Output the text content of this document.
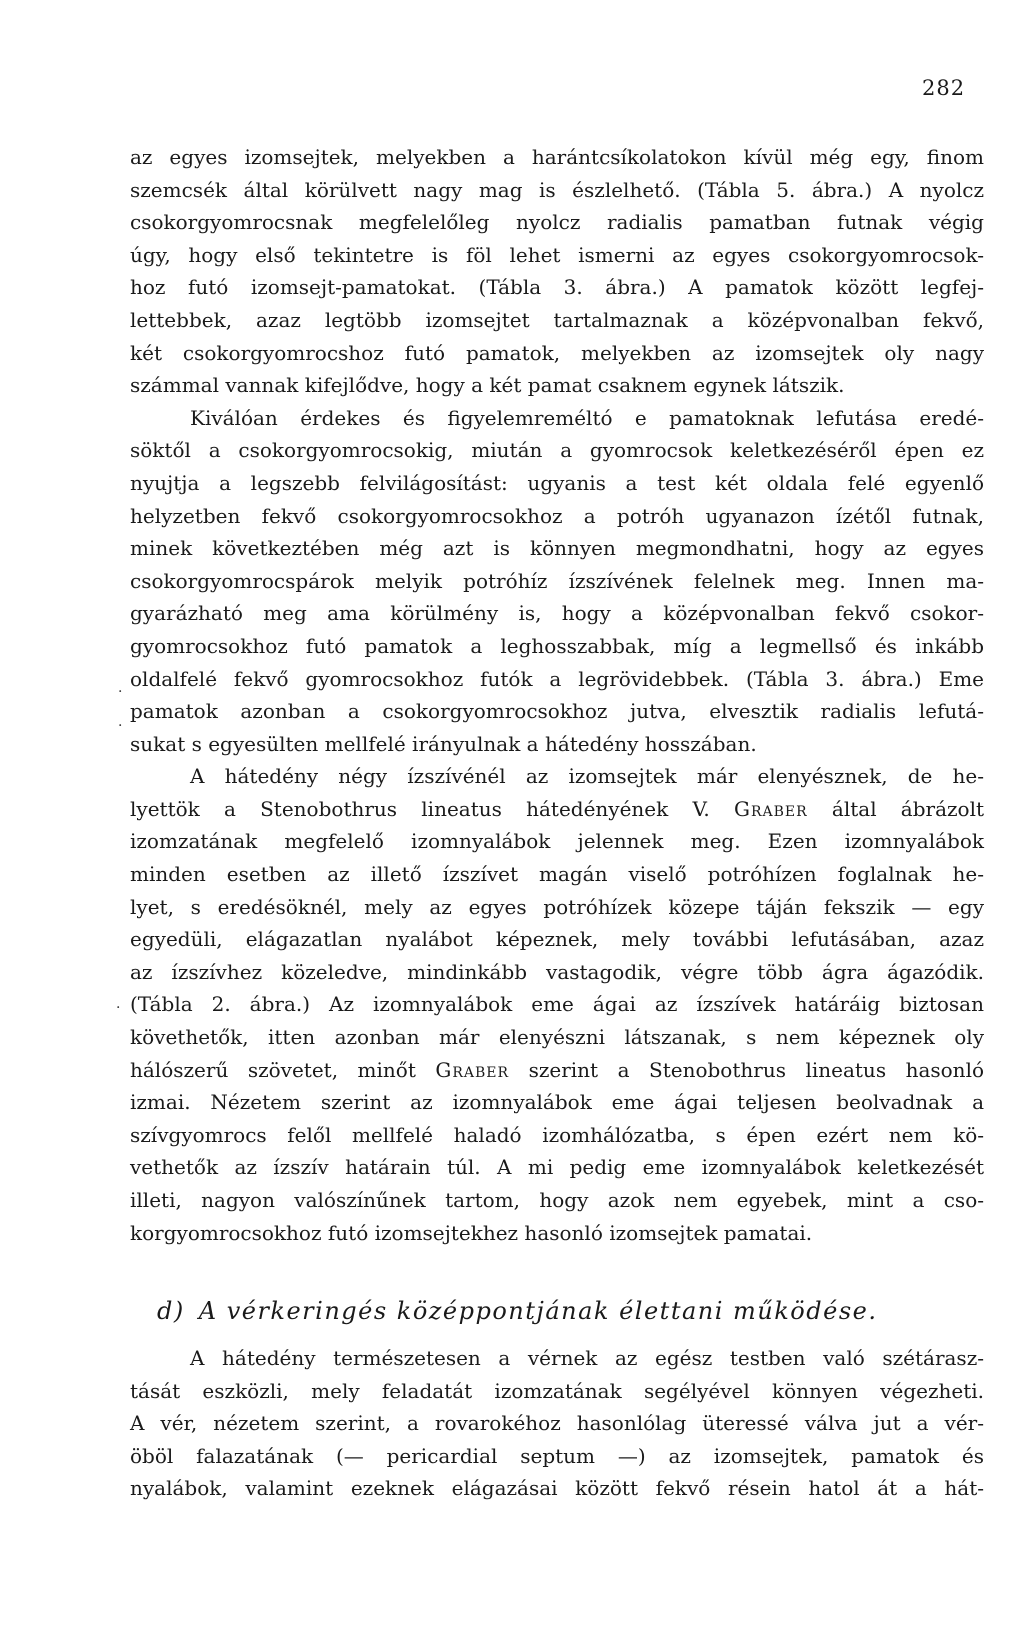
282
az egyes izomsejtek, melyekben a harántcsíkolatokon kívül még egy, finom
szemcsék által körülvett nagy mag is észlelhető. (Tábla 5. ábra.) A nyolcz
csokorgyomrocsnak megfelelőleg nyolcz radialis pamatban futnak végig
úgy, hogy első tekintetre is föl lehet ismerni az egyes csokorgyomrocsok-
hoz futó izomsejt-pamatokat. (Tábla 3. ábra.) A pamatok között legfej-
lettebbek, azaz legtöbb izomsejtet tartalmaznak a középvonalban fekvő,
két csokorgyomrocshoz futó pamatok, melyekben az izomsejtek oly nagy
számmal vannak kifejlődve, hogy a két pamat csaknem egynek látszik.
Kiválóan érdekes és figyelemreméltó e pamatoknak lefutása eredé-
söktől a csokorgyomrocsokig, miután a gyomrocsok keletkezéséről épen ez
nyujtja a legszebb felvilágosítást: ugyanis a test két oldala felé egyenlő
helyzetben fekvő csokorgyomrocsokhoz a potróh ugyanazon ízétől futnak,
minek következtében még azt is könnyen megmondhatni, hogy az egyes
csokorgyomrocspárok melyik potróhíz ízszívének felelnek meg. Innen ma-
gyarázható meg ama körülmény is, hogy a középvonalban fekvő csokor-
gyomrocsokhoz futó pamatok a leghosszabbak, míg a legmellső és inkább
oldalfelé fekvő gyomrocsokhoz futók a legrövidebbek. (Tábla 3. ábra.) Eme
pamatok azonban a csokorgyomrocsokhoz jutva, elvesztik radialis lefutá-
sukat s egyesülten mellfelé irányulnak a hátedény hosszában.
A hátedény négy ízszívénél az izomsejtek már elenyésznek, de he-
lyettök a Stenobothrus lineatus hátedényének V. Graber által ábrázolt
izomzatának megfelelő izomnyalábok jelennek meg. Ezen izomnyalábok
minden esetben az illető ízszívet magán viselő potróhízen foglalnak he-
lyet, s eredésöknél, mely az egyes potróhízek közepe táján fekszik — egy
egyedüli, elágazatlan nyalábot képeznek, mely további lefutásában, azaz
az ízszívhez közeledve, mindinkább vastagodik, végre több ágra ágazódik.
(Tábla 2. ábra.) Az izomnyalábok eme ágai az ízszívek határáig biztosan
követhetők, itten azonban már elenyészni látszanak, s nem képeznek oly
hálószerű szövetet, minőt Graber szerint a Stenobothrus lineatus hasonló
izmai. Nézetem szerint az izomnyalábok eme ágai teljesen beolvadnak a
szívgyomrocs felől mellfelé haladó izomhálózatba, s épen ezért nem kö-
vethetők az ízszív határain túl. A mi pedig eme izomnyalábok keletkezését
illeti, nagyon valószínűnek tartom, hogy azok nem egyebek, mint a cso-
korgyomrocsokhoz futó izomsejtekhez hasonló izomsejtek pamatai.
d) A vérkeringés középpontjának élettani működése.
A hátedény természetesen a vérnek az egész testben való szétárasz-
tását eszközli, mely feladatát izomzatának segélyével könnyen végezheti.
A vér, nézetem szerint, a rovarokéhoz hasonlólag üteressé válva jut a vér-
öböl falazatának (— pericardial septum —) az izomsejtek, pamatok és
nyalábok, valamint ezeknek elágazásai között fekvő résein hatol át a hát-
·
·
·
